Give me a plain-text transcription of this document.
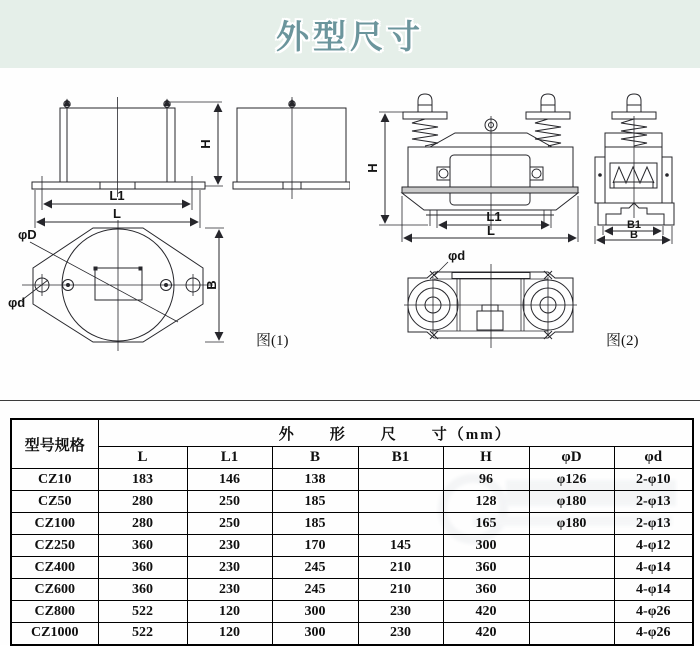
外型尺寸
L1
L
H
B
φD
φd
图(1)
L1
L
H
B1
B
φd
图(2)
型号规格	外　　形　　尺　　寸（mm）						
	L	L1	B	B1	H	φD	φd
CZ10	183	146	138		96	φ126	2-φ10
CZ50	280	250	185		128	φ180	2-φ13
CZ100	280	250	185		165	φ180	2-φ13
CZ250	360	230	170	145	300		4-φ12
CZ400	360	230	245	210	360		4-φ14
CZ600	360	230	245	210	360		4-φ14
CZ800	522	120	300	230	420		4-φ26
CZ1000	522	120	300	230	420		4-φ26
